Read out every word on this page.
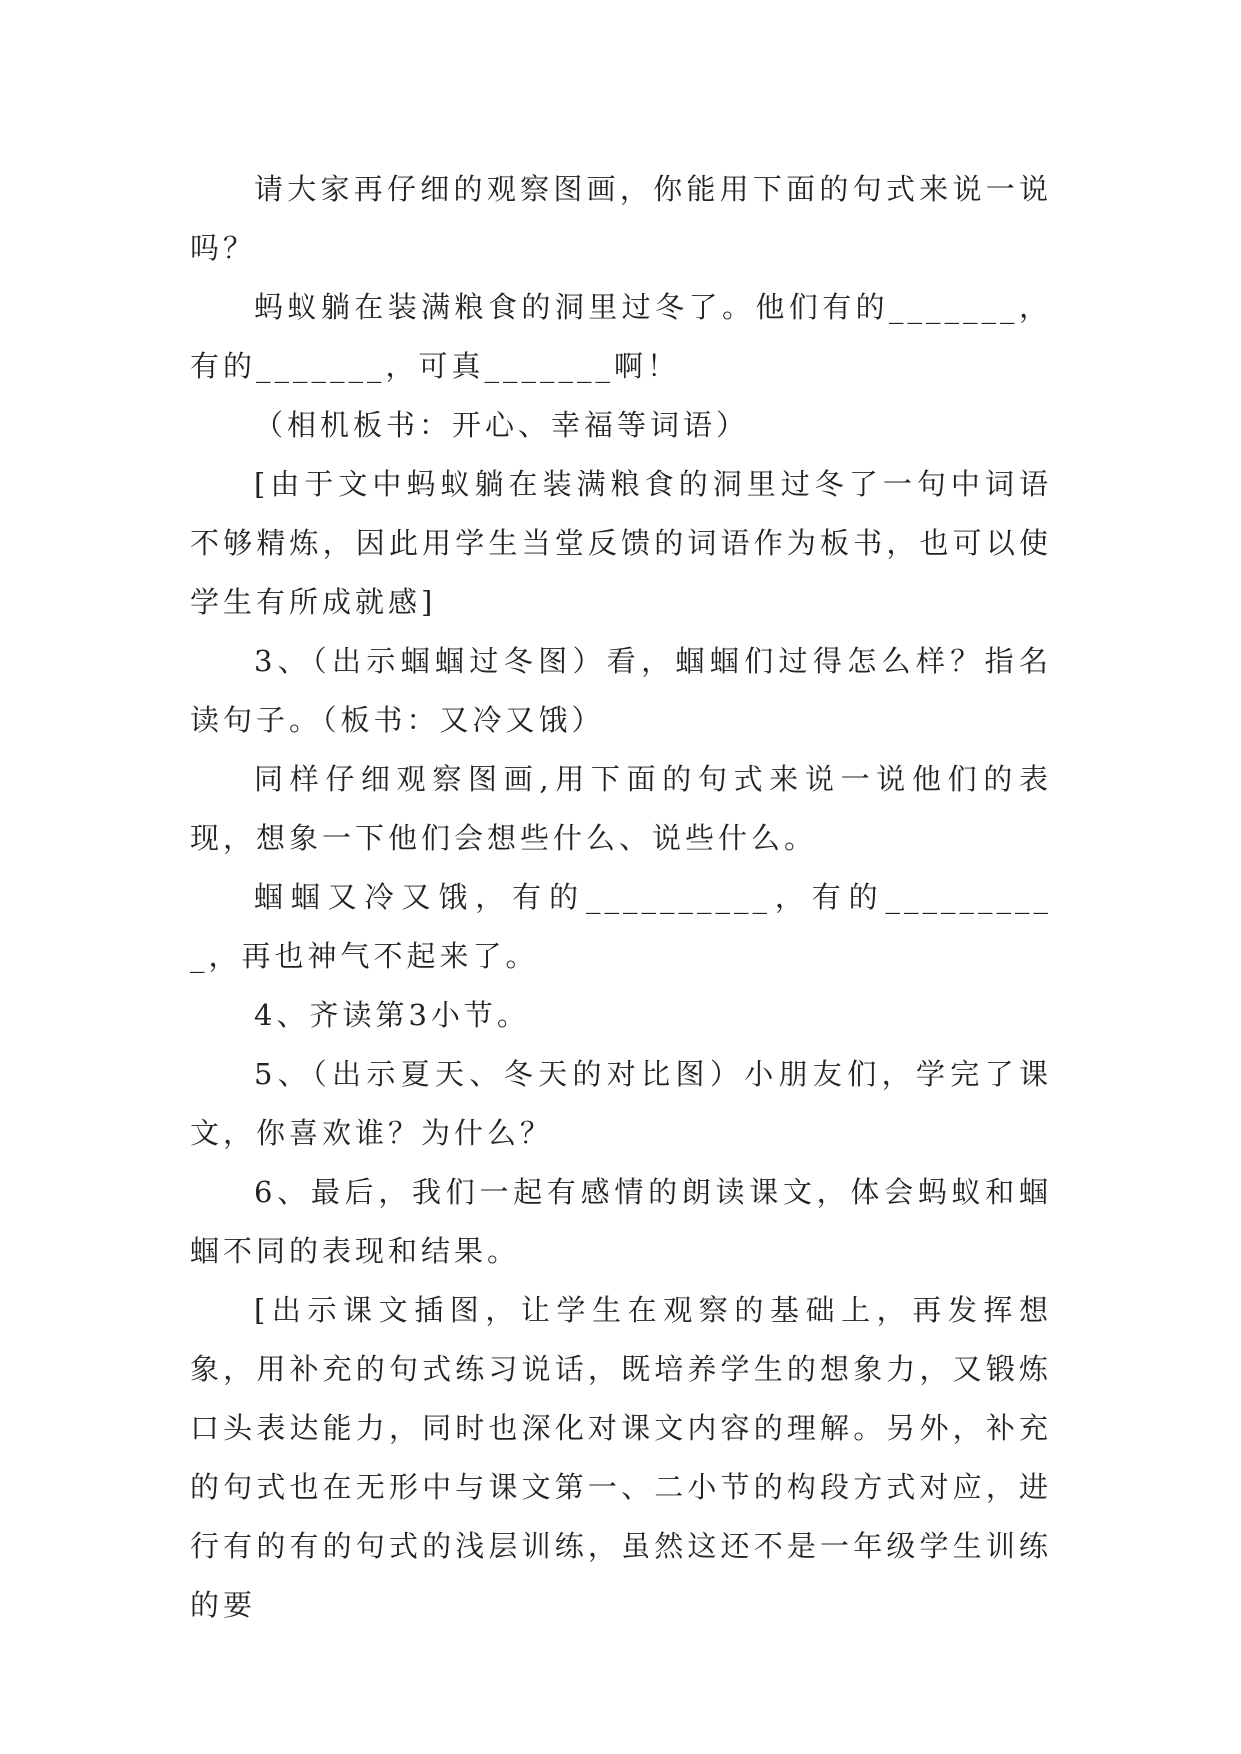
请大家再仔细的观察图画，你能用下面的句式来说一说吗？

蚂蚁躺在装满粮食的洞里过冬了。他们有的_______，有的_______，可真_______啊！

（相机板书：开心、幸福等词语）

[由于文中蚂蚁躺在装满粮食的洞里过冬了一句中词语不够精炼，因此用学生当堂反馈的词语作为板书，也可以使学生有所成就感]

3、（出示蝈蝈过冬图）看，蝈蝈们过得怎么样？指名读句子。（板书：又冷又饿）

同样仔细观察图画,用下面的句式来说一说他们的表现，想象一下他们会想些什么、说些什么。

蝈蝈又冷又饿，有的__________，有的__________，再也神气不起来了。

4、齐读第3小节。

5、（出示夏天、冬天的对比图）小朋友们，学完了课文，你喜欢谁？为什么？

6、最后，我们一起有感情的朗读课文，体会蚂蚁和蝈蝈不同的表现和结果。

[出示课文插图，让学生在观察的基础上，再发挥想象，用补充的句式练习说话，既培养学生的想象力，又锻炼口头表达能力，同时也深化对课文内容的理解。另外，补充的句式也在无形中与课文第一、二小节的构段方式对应，进行有的有的句式的浅层训练，虽然这还不是一年级学生训练的要
